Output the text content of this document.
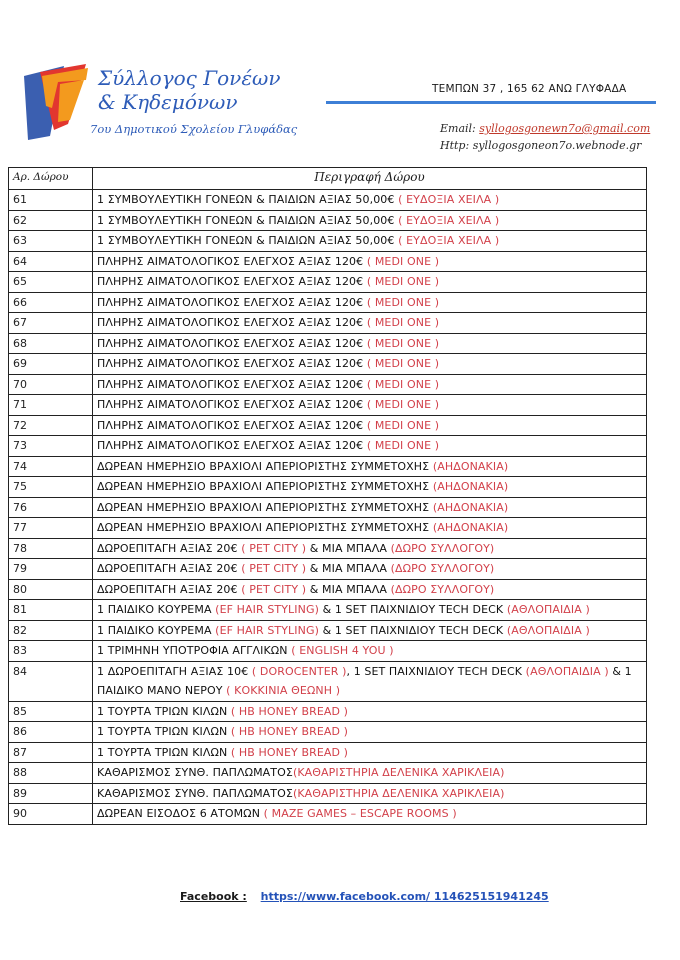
Σύλλογος Γονέων
& Κηδεμόνων
7ου Δημοτικού Σχολείου Γλυφάδας
ΤΕΜΠΩΝ 37 , 165 62 ΑΝΩ ΓΛΥΦΑΔΑ
Email: syllogosgonewn7o@gmail.com
Http: syllogosgoneon7o.webnode.gr
Αρ. Δώρου	Περιγραφή Δώρου
61	1 ΣΥΜΒΟΥΛΕΥΤΙΚΗ ΓΟΝΕΩΝ & ΠΑΙΔΙΩΝ ΑΞΙΑΣ 50,00€ ( ΕΥΔΟΞΙΑ ΧΕΙΛΑ )
62	1 ΣΥΜΒΟΥΛΕΥΤΙΚΗ ΓΟΝΕΩΝ & ΠΑΙΔΙΩΝ ΑΞΙΑΣ 50,00€ ( ΕΥΔΟΞΙΑ ΧΕΙΛΑ )
63	1 ΣΥΜΒΟΥΛΕΥΤΙΚΗ ΓΟΝΕΩΝ & ΠΑΙΔΙΩΝ ΑΞΙΑΣ 50,00€ ( ΕΥΔΟΞΙΑ ΧΕΙΛΑ )
64	ΠΛΗΡΗΣ ΑΙΜΑΤΟΛΟΓΙΚΟΣ ΕΛΕΓΧΟΣ ΑΞΙΑΣ 120€ ( MEDI ONE )
65	ΠΛΗΡΗΣ ΑΙΜΑΤΟΛΟΓΙΚΟΣ ΕΛΕΓΧΟΣ ΑΞΙΑΣ 120€ ( MEDI ONE )
66	ΠΛΗΡΗΣ ΑΙΜΑΤΟΛΟΓΙΚΟΣ ΕΛΕΓΧΟΣ ΑΞΙΑΣ 120€ ( MEDI ONE )
67	ΠΛΗΡΗΣ ΑΙΜΑΤΟΛΟΓΙΚΟΣ ΕΛΕΓΧΟΣ ΑΞΙΑΣ 120€ ( MEDI ONE )
68	ΠΛΗΡΗΣ ΑΙΜΑΤΟΛΟΓΙΚΟΣ ΕΛΕΓΧΟΣ ΑΞΙΑΣ 120€ ( MEDI ONE )
69	ΠΛΗΡΗΣ ΑΙΜΑΤΟΛΟΓΙΚΟΣ ΕΛΕΓΧΟΣ ΑΞΙΑΣ 120€ ( MEDI ONE )
70	ΠΛΗΡΗΣ ΑΙΜΑΤΟΛΟΓΙΚΟΣ ΕΛΕΓΧΟΣ ΑΞΙΑΣ 120€ ( MEDI ONE )
71	ΠΛΗΡΗΣ ΑΙΜΑΤΟΛΟΓΙΚΟΣ ΕΛΕΓΧΟΣ ΑΞΙΑΣ 120€ ( MEDI ONE )
72	ΠΛΗΡΗΣ ΑΙΜΑΤΟΛΟΓΙΚΟΣ ΕΛΕΓΧΟΣ ΑΞΙΑΣ 120€ ( MEDI ONE )
73	ΠΛΗΡΗΣ ΑΙΜΑΤΟΛΟΓΙΚΟΣ ΕΛΕΓΧΟΣ ΑΞΙΑΣ 120€ ( MEDI ONE )
74	ΔΩΡΕΑΝ ΗΜΕΡΗΣΙΟ ΒΡΑΧΙΟΛΙ ΑΠΕΡΙΟΡΙΣΤΗΣ ΣΥΜΜΕΤΟΧΗΣ (ΑΗΔΟΝΑΚΙΑ)
75	ΔΩΡΕΑΝ ΗΜΕΡΗΣΙΟ ΒΡΑΧΙΟΛΙ ΑΠΕΡΙΟΡΙΣΤΗΣ ΣΥΜΜΕΤΟΧΗΣ (ΑΗΔΟΝΑΚΙΑ)
76	ΔΩΡΕΑΝ ΗΜΕΡΗΣΙΟ ΒΡΑΧΙΟΛΙ ΑΠΕΡΙΟΡΙΣΤΗΣ ΣΥΜΜΕΤΟΧΗΣ (ΑΗΔΟΝΑΚΙΑ)
77	ΔΩΡΕΑΝ ΗΜΕΡΗΣΙΟ ΒΡΑΧΙΟΛΙ ΑΠΕΡΙΟΡΙΣΤΗΣ ΣΥΜΜΕΤΟΧΗΣ (ΑΗΔΟΝΑΚΙΑ)
78	ΔΩΡΟΕΠΙΤΑΓΗ ΑΞΙΑΣ 20€ ( PET CITY ) & ΜΙΑ ΜΠΑΛΑ (ΔΩΡΟ ΣΥΛΛΟΓΟΥ)
79	ΔΩΡΟΕΠΙΤΑΓΗ ΑΞΙΑΣ 20€ ( PET CITY ) & ΜΙΑ ΜΠΑΛΑ (ΔΩΡΟ ΣΥΛΛΟΓΟΥ)
80	ΔΩΡΟΕΠΙΤΑΓΗ ΑΞΙΑΣ 20€ ( PET CITY ) & ΜΙΑ ΜΠΑΛΑ (ΔΩΡΟ ΣΥΛΛΟΓΟΥ)
81	1 ΠΑΙΔΙΚΟ ΚΟΥΡΕΜΑ (EF HAIR STYLING) & 1 SET ΠΑΙΧΝΙΔΙΟΥ TECH DECK (ΑΘΛΟΠΑΙΔΙΑ )
82	1 ΠΑΙΔΙΚΟ ΚΟΥΡΕΜΑ (EF HAIR STYLING) & 1 SET ΠΑΙΧΝΙΔΙΟΥ TECH DECK (ΑΘΛΟΠΑΙΔΙΑ )
83	1 ΤΡΙΜΗΝΗ ΥΠΟΤΡΟΦΙΑ ΑΓΓΛΙΚΩΝ ( ENGLISH 4 YOU )
84	1 ΔΩΡΟΕΠΙΤΑΓΗ ΑΞΙΑΣ 10€ ( DOROCENTER ), 1 SET ΠΑΙΧΝΙΔΙΟΥ TECH DECK (ΑΘΛΟΠΑΙΔΙΑ ) & 1 ΠΑΙΔΙΚΟ ΜΑΝΟ ΝΕΡΟΥ ( ΚΟΚΚΙΝΙΑ ΘΕΩΝΗ )
85	1 ΤΟΥΡΤΑ ΤΡΙΩΝ ΚΙΛΩΝ ( HB HONEY BREAD )
86	1 ΤΟΥΡΤΑ ΤΡΙΩΝ ΚΙΛΩΝ ( HB HONEY BREAD )
87	1 ΤΟΥΡΤΑ ΤΡΙΩΝ ΚΙΛΩΝ ( HB HONEY BREAD )
88	ΚΑΘΑΡΙΣΜΟΣ ΣΥΝΘ. ΠΑΠΛΩΜΑΤΟΣ(ΚΑΘΑΡΙΣΤΗΡΙΑ ΔΕΛΕΝΙΚΑ ΧΑΡΙΚΛΕΙΑ)
89	ΚΑΘΑΡΙΣΜΟΣ ΣΥΝΘ. ΠΑΠΛΩΜΑΤΟΣ(ΚΑΘΑΡΙΣΤΗΡΙΑ ΔΕΛΕΝΙΚΑ ΧΑΡΙΚΛΕΙΑ)
90	ΔΩΡΕΑΝ ΕΙΣΟΔΟΣ 6 ΑΤΟΜΩΝ ( MAZE GAMES – ESCAPE ROOMS )
Facebook : https://www.facebook.com/ 114625151941245
